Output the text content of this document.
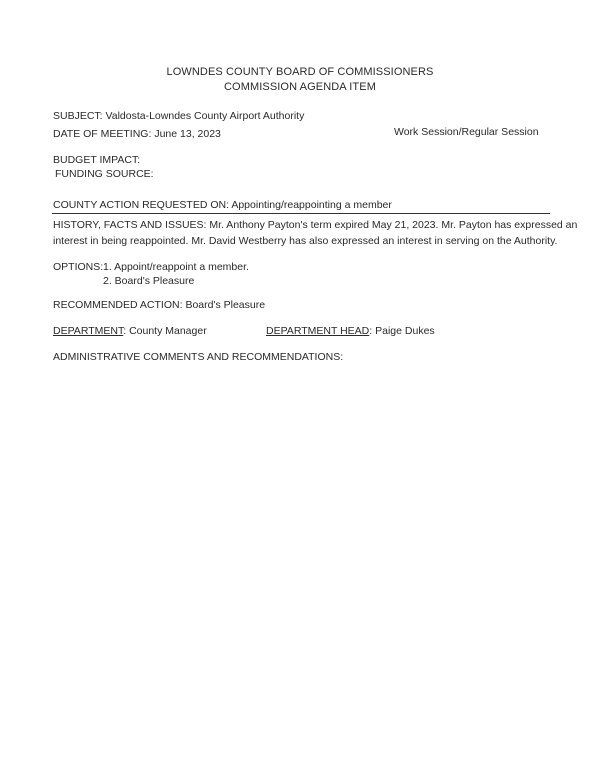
LOWNDES COUNTY BOARD OF COMMISSIONERS
COMMISSION AGENDA ITEM
SUBJECT: Valdosta-Lowndes County Airport Authority
DATE OF MEETING: June 13, 2023	Work Session/Regular Session
BUDGET IMPACT:
FUNDING SOURCE:
COUNTY ACTION REQUESTED ON: Appointing/reappointing a member
HISTORY, FACTS AND ISSUES: Mr. Anthony Payton's term expired May 21, 2023. Mr. Payton has expressed an
interest in being reappointed. Mr. David Westberry has also expressed an interest in serving on the Authority.
OPTIONS: 1. Appoint/reappoint a member.
2. Board's Pleasure
RECOMMENDED ACTION: Board's Pleasure
DEPARTMENT: County Manager	DEPARTMENT HEAD: Paige Dukes
ADMINISTRATIVE COMMENTS AND RECOMMENDATIONS:
